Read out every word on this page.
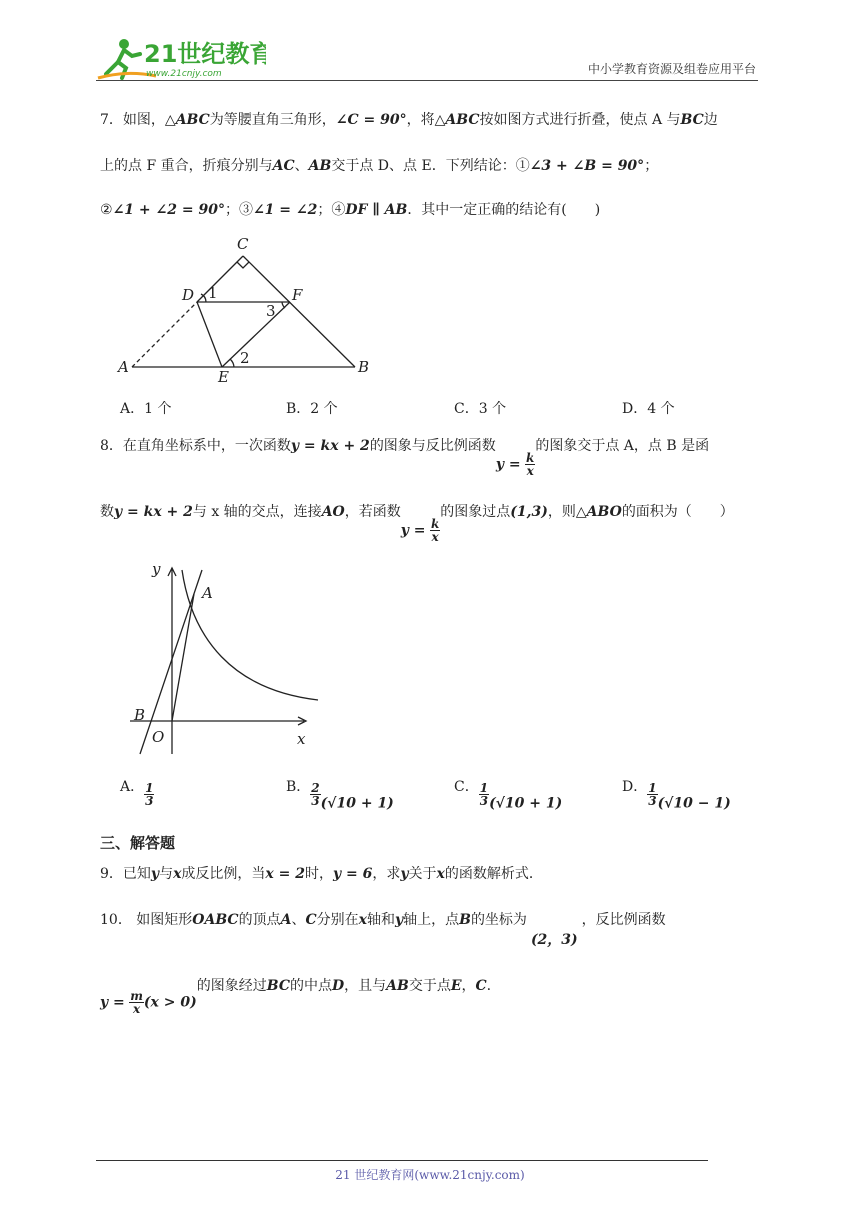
21世纪教育
www.21cnjy.com	中小学教育资源及组卷应用平台
7．如图，△ABC为等腰直角三角形，∠C = 90°，将△ABC按如图方式进行折叠，使点 A 与BC边
上的点 F 重合，折痕分别与AC、AB交于点 D、点 E．下列结论：①∠3 + ∠B = 90°；
②∠1 + ∠2 = 90°；③∠1 = ∠2；④DF ∥ AB．其中一定正确的结论有(　　)
C
D	F
A
E
B
1
2
3
A．1 个	B．2 个	C．3 个	D．4 个
8．在直角坐标系中，一次函数y = kx + 2的图象与反比例函数$y = \frac{k}{x}$
的图象交于点 A，点 B 是函
数y = kx + 2与 x 轴的交点，连接AO，若函数$y = \frac{k}{x}$
的图象过点(1,3)，则△ABO的面积为（　　）
y
x
A
B
O
A． $\frac{1}{3}$	B． $\frac{2}{3} (√10 + 1)$
C． $\frac{1}{3} (√10 + 1)$
D． $\frac{1}{3} (√10 - 1)$
三、解答题
9．已知y与x成反比例，当x = 2时，y = 6，求y关于x的函数解析式．
10． 如图矩形OABC的顶点A、C分别在x轴和y轴上，点B的坐标为(2，3)，反比例函数
$y = \frac{m}{x} (x > 0)$的图象经过BC的中点D，且与AB交于点E，C.
21 世纪教育网(www.21cnjy.com)
